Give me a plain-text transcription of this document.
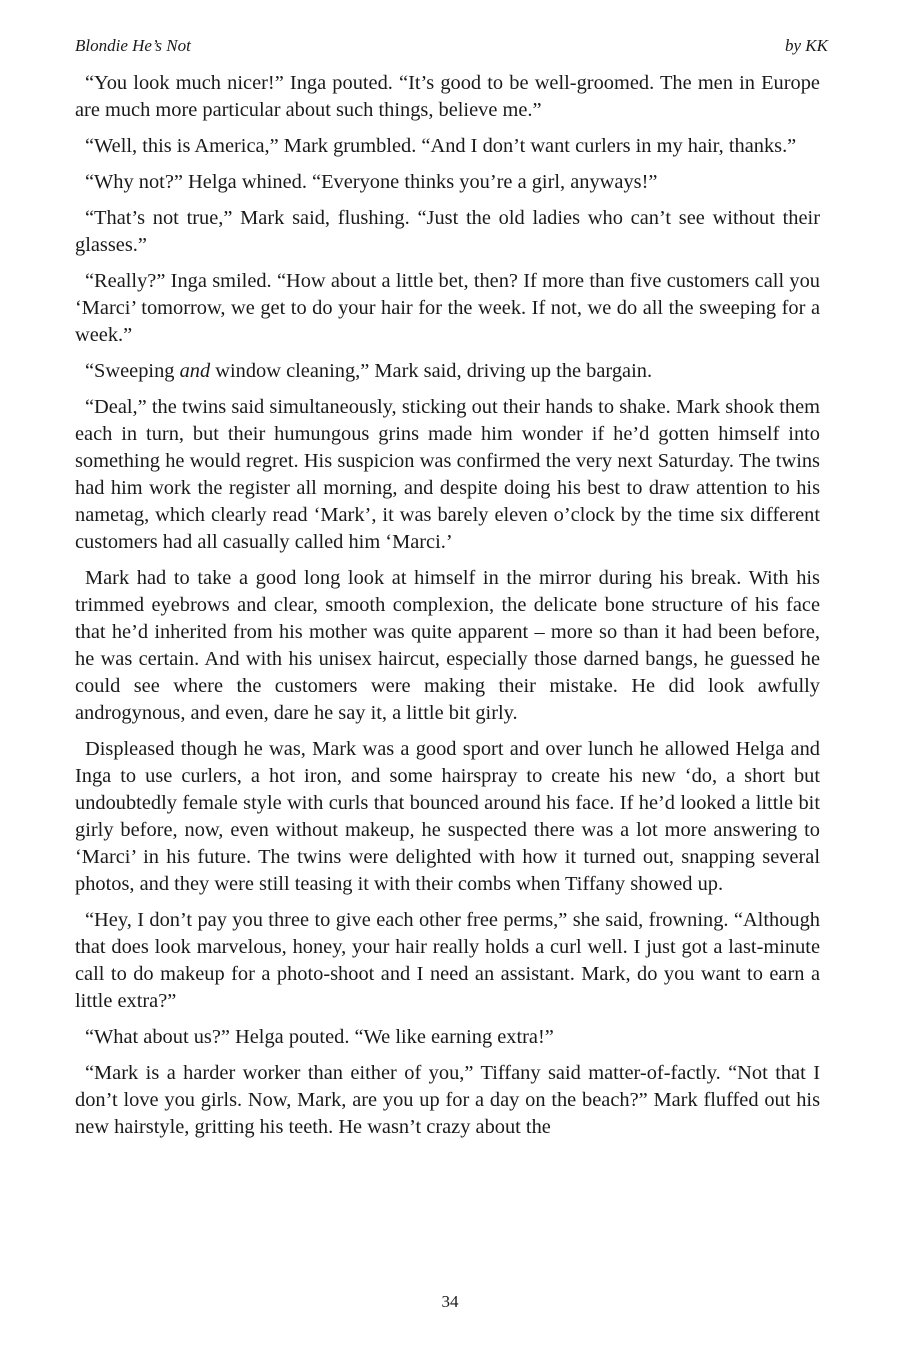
Blondie He’s Not	by KK

“You look much nicer!” Inga pouted. “It’s good to be well-groomed. The men in Europe are much more particular about such things, believe me.”

“Well, this is America,” Mark grumbled. “And I don’t want curlers in my hair, thanks.”

“Why not?” Helga whined. “Everyone thinks you’re a girl, anyways!”

“That’s not true,” Mark said, flushing. “Just the old ladies who can’t see without their glasses.”

“Really?” Inga smiled. “How about a little bet, then? If more than five customers call you ‘Marci’ tomorrow, we get to do your hair for the week. If not, we do all the sweeping for a week.”

“Sweeping and window cleaning,” Mark said, driving up the bargain.

“Deal,” the twins said simultaneously, sticking out their hands to shake. Mark shook them each in turn, but their humungous grins made him wonder if he’d gotten himself into something he would regret. His suspicion was confirmed the very next Saturday. The twins had him work the register all morning, and despite doing his best to draw attention to his nametag, which clearly read ‘Mark’, it was barely eleven o’clock by the time six different customers had all casually called him ‘Marci.’

Mark had to take a good long look at himself in the mirror during his break. With his trimmed eyebrows and clear, smooth complexion, the delicate bone structure of his face that he’d inherited from his mother was quite apparent – more so than it had been before, he was certain. And with his unisex haircut, especially those darned bangs, he guessed he could see where the customers were making their mistake. He did look awfully androgynous, and even, dare he say it, a little bit girly.

Displeased though he was, Mark was a good sport and over lunch he allowed Helga and Inga to use curlers, a hot iron, and some hairspray to create his new ‘do, a short but undoubtedly female style with curls that bounced around his face. If he’d looked a little bit girly before, now, even without makeup, he suspected there was a lot more answering to ‘Marci’ in his future. The twins were delighted with how it turned out, snapping several photos, and they were still teasing it with their combs when Tiffany showed up.

“Hey, I don’t pay you three to give each other free perms,” she said, frowning. “Although that does look marvelous, honey, your hair really holds a curl well. I just got a last-minute call to do makeup for a photo-shoot and I need an assistant. Mark, do you want to earn a little extra?”

“What about us?” Helga pouted. “We like earning extra!”

“Mark is a harder worker than either of you,” Tiffany said matter-of-factly. “Not that I don’t love you girls. Now, Mark, are you up for a day on the beach?” Mark fluffed out his new hairstyle, gritting his teeth. He wasn’t crazy about the

34
